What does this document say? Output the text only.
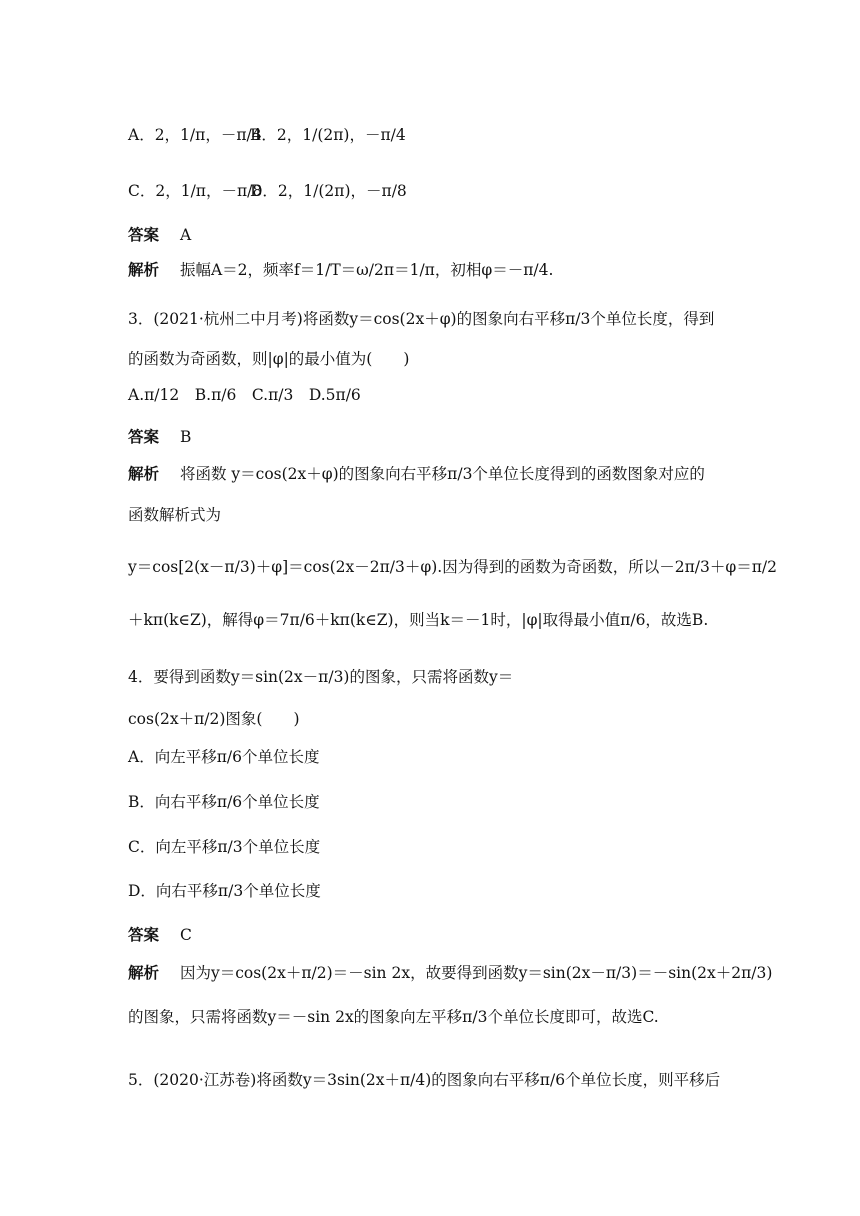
A．2，1/π，－π/4
B．2，1/(2π)，－π/4
C．2，1/π，－π/8
D．2，1/(2π)，－π/8
答案 A
解析 振幅A＝2，频率f＝1/T＝ω/2π＝1/π，初相φ＝－π/4.
3．(2021·杭州二中月考)将函数y＝cos(2x＋φ)的图象向右平移π/3个单位长度，得到
的函数为奇函数，则|φ|的最小值为(　　)
A.π/12　B.π/6　C.π/3　D.5π/6
答案 B
解析 将函数 y＝cos(2x＋φ)的图象向右平移π/3个单位长度得到的函数图象对应的
函数解析式为
y＝cos[2(x－π/3)＋φ]＝cos(2x－2π/3＋φ).因为得到的函数为奇函数，所以－2π/3＋φ＝π/2
＋kπ(k∈Z)，解得φ＝7π/6＋kπ(k∈Z)，则当k＝－1时，|φ|取得最小值π/6，故选B.
4．要得到函数y＝sin(2x－π/3)的图象，只需将函数y＝
cos(2x＋π/2)图象(　　)
A．向左平移π/6个单位长度
B．向右平移π/6个单位长度
C．向左平移π/3个单位长度
D．向右平移π/3个单位长度
答案 C
解析 因为y＝cos(2x＋π/2)＝－sin 2x，故要得到函数y＝sin(2x－π/3)＝－sin(2x＋2π/3)
的图象，只需将函数y＝－sin 2x的图象向左平移π/3个单位长度即可，故选C.
5．(2020·江苏卷)将函数y＝3sin(2x＋π/4)的图象向右平移π/6个单位长度，则平移后
